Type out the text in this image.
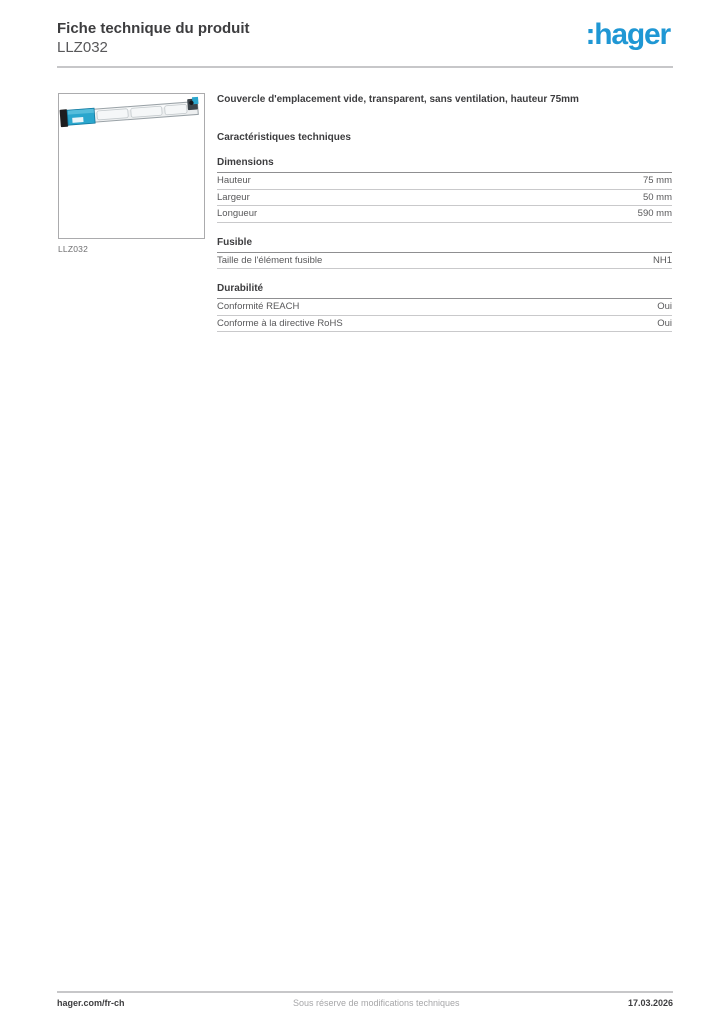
Fiche technique du produit
LLZ032	:hager
LLZ032
Couvercle d'emplacement vide, transparent, sans ventilation, hauteur 75mm
Caractéristiques techniques
Dimensions
Hauteur	75 mm
Largeur	50 mm
Longueur	590 mm
Fusible
Taille de l'élément fusible	NH1
Durabilité
Conformité REACH	Oui
Conforme à la directive RoHS	Oui
hager.com/fr-ch	Sous réserve de modifications techniques	17.03.2026
